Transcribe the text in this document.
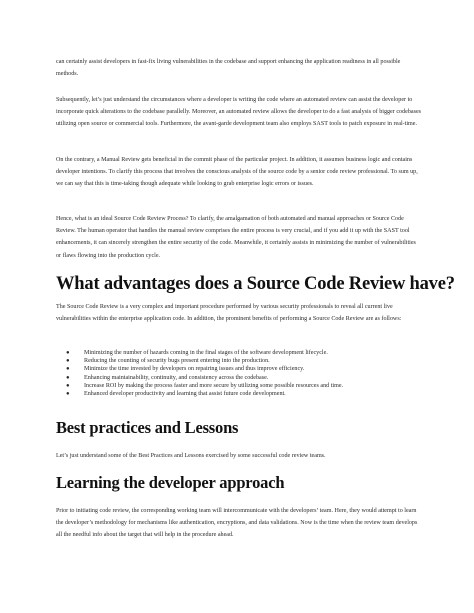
can certainly assist developers in fast-fix living vulnerabilities in the codebase and support enhancing the application readiness in all possible methods.

Subsequently, let’s just understand the circumstances where a developer is writing the code where an automated review can assist the developer to incorporate quick alterations to the codebase parallelly. Moreover, an automated review allows the developer to do a fast analysis of bigger codebases utilizing open source or commercial tools. Furthermore, the avant-garde development team also employs SAST tools to patch exposure in real-time.

On the contrary, a Manual Review gets beneficial in the commit phase of the particular project. In addition, it assumes business logic and contains developer intentions. To clarify this process that involves the conscious analysis of the source code by a senior code review professional. To sum up, we can say that this is time-taking though adequate while looking to grab enterprise logic errors or issues.

Hence, what is an ideal Source Code Review Process? To clarify, the amalgamation of both automated and manual approaches or Source Code Review. The human operator that handles the manual review comprises the entire process is very crucial, and if you add it up with the SAST tool enhancements, it can sincerely strengthen the entire security of the code. Meanwhile, it certainly assists in minimizing the number of vulnerabilities or flaws flowing into the production cycle.

What advantages does a Source Code Review have?

The Source Code Review is a very complex and important procedure performed by various security professionals to reveal all current live vulnerabilities within the enterprise application code. In addition, the prominent benefits of performing a Source Code Review are as follows:

● Minimizing the number of hazards coming in the final stages of the software development lifecycle.
● Reducing the counting of security bugs present entering into the production.
● Minimize the time invested by developers on repairing issues and thus improve efficiency.
● Enhancing maintainability, continuity, and consistency across the codebase.
● Increase ROI by making the process faster and more secure by utilizing some possible resources and time.
● Enhanced developer productivity and learning that assist future code development.
Best practices and Lessons

Let’s just understand some of the Best Practices and Lessons exercised by some successful code review teams.

Learning the developer approach

Prior to initiating code review, the corresponding working team will intercommunicate with the developers’ team. Here, they would attempt to learn the developer’s methodology for mechanisms like authentication, encryptions, and data validations. Now is the time when the review team develops all the needful info about the target that will help in the procedure ahead.
